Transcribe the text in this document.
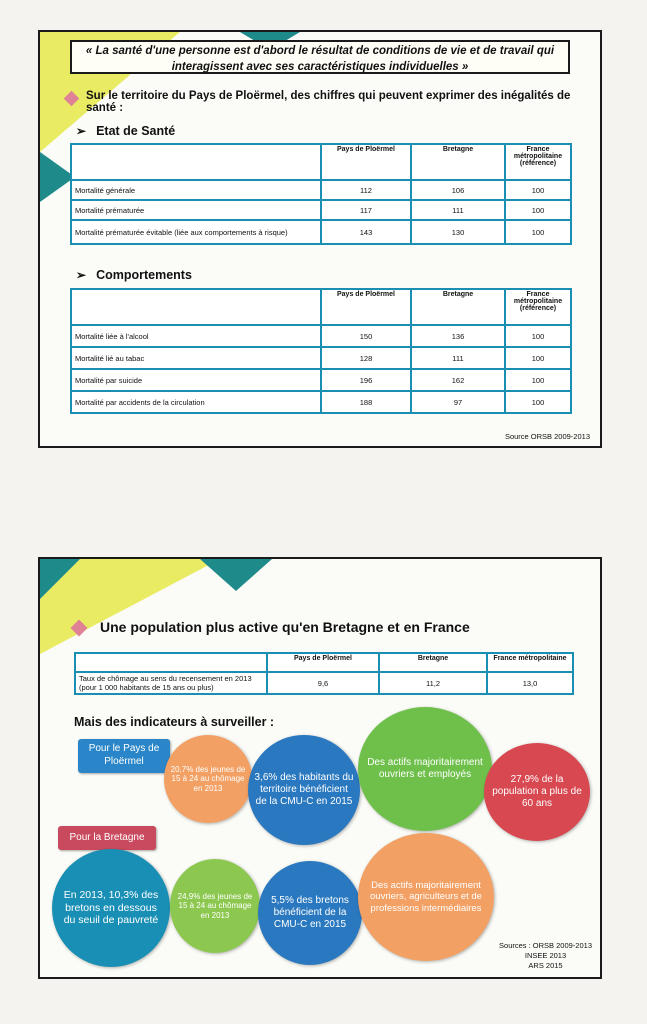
« La santé d'une personne est d'abord le résultat de conditions de vie et de travail qui interagissent avec ses caractéristiques individuelles »
Sur le territoire du Pays de Ploërmel, des chiffres qui peuvent exprimer des inégalités de santé :
➢ Etat de Santé
	Pays de Ploërmel	Bretagne	France métropolitaine (référence)
Mortalité générale	112	106	100
Mortalité prématurée	117	111	100
Mortalité prématurée évitable (liée aux comportements à risque)	143	130	100
➢ Comportements
	Pays de Ploërmel	Bretagne	France métropolitaine (référence)
Mortalité liée à l'alcool	150	136	100
Mortalité lié au tabac	128	111	100
Mortalité par suicide	196	162	100
Mortalité par accidents de la circulation	188	97	100
Source ORSB 2009-2013
Une population plus active qu'en Bretagne et en France
	Pays de Ploërmel	Bretagne	France métropolitaine
Taux de chômage au sens du recensement en 2013 (pour 1 000 habitants de 15 ans ou plus)	9,6	11,2	13,0
Mais des indicateurs à surveiller :
Pour le Pays de Ploërmel
Pour la Bretagne
20,7% des jeunes de 15 à 24 au chômage en 2013
3,6% des habitants du territoire bénéficient de la CMU-C en 2015
Des actifs majoritairement ouvriers et employés	27,9% de la population a plus de 60 ans
En 2013, 10,3% des bretons en dessous du seuil de pauvreté
24,9% des jeunes de 15 à 24 au chômage en 2013
5,5% des bretons bénéficient de la CMU-C en 2015
Des actifs majoritairement ouvriers, agriculteurs et de professions intermédiaires
Sources : ORSB 2009-2013
INSEE 2013
ARS 2015
